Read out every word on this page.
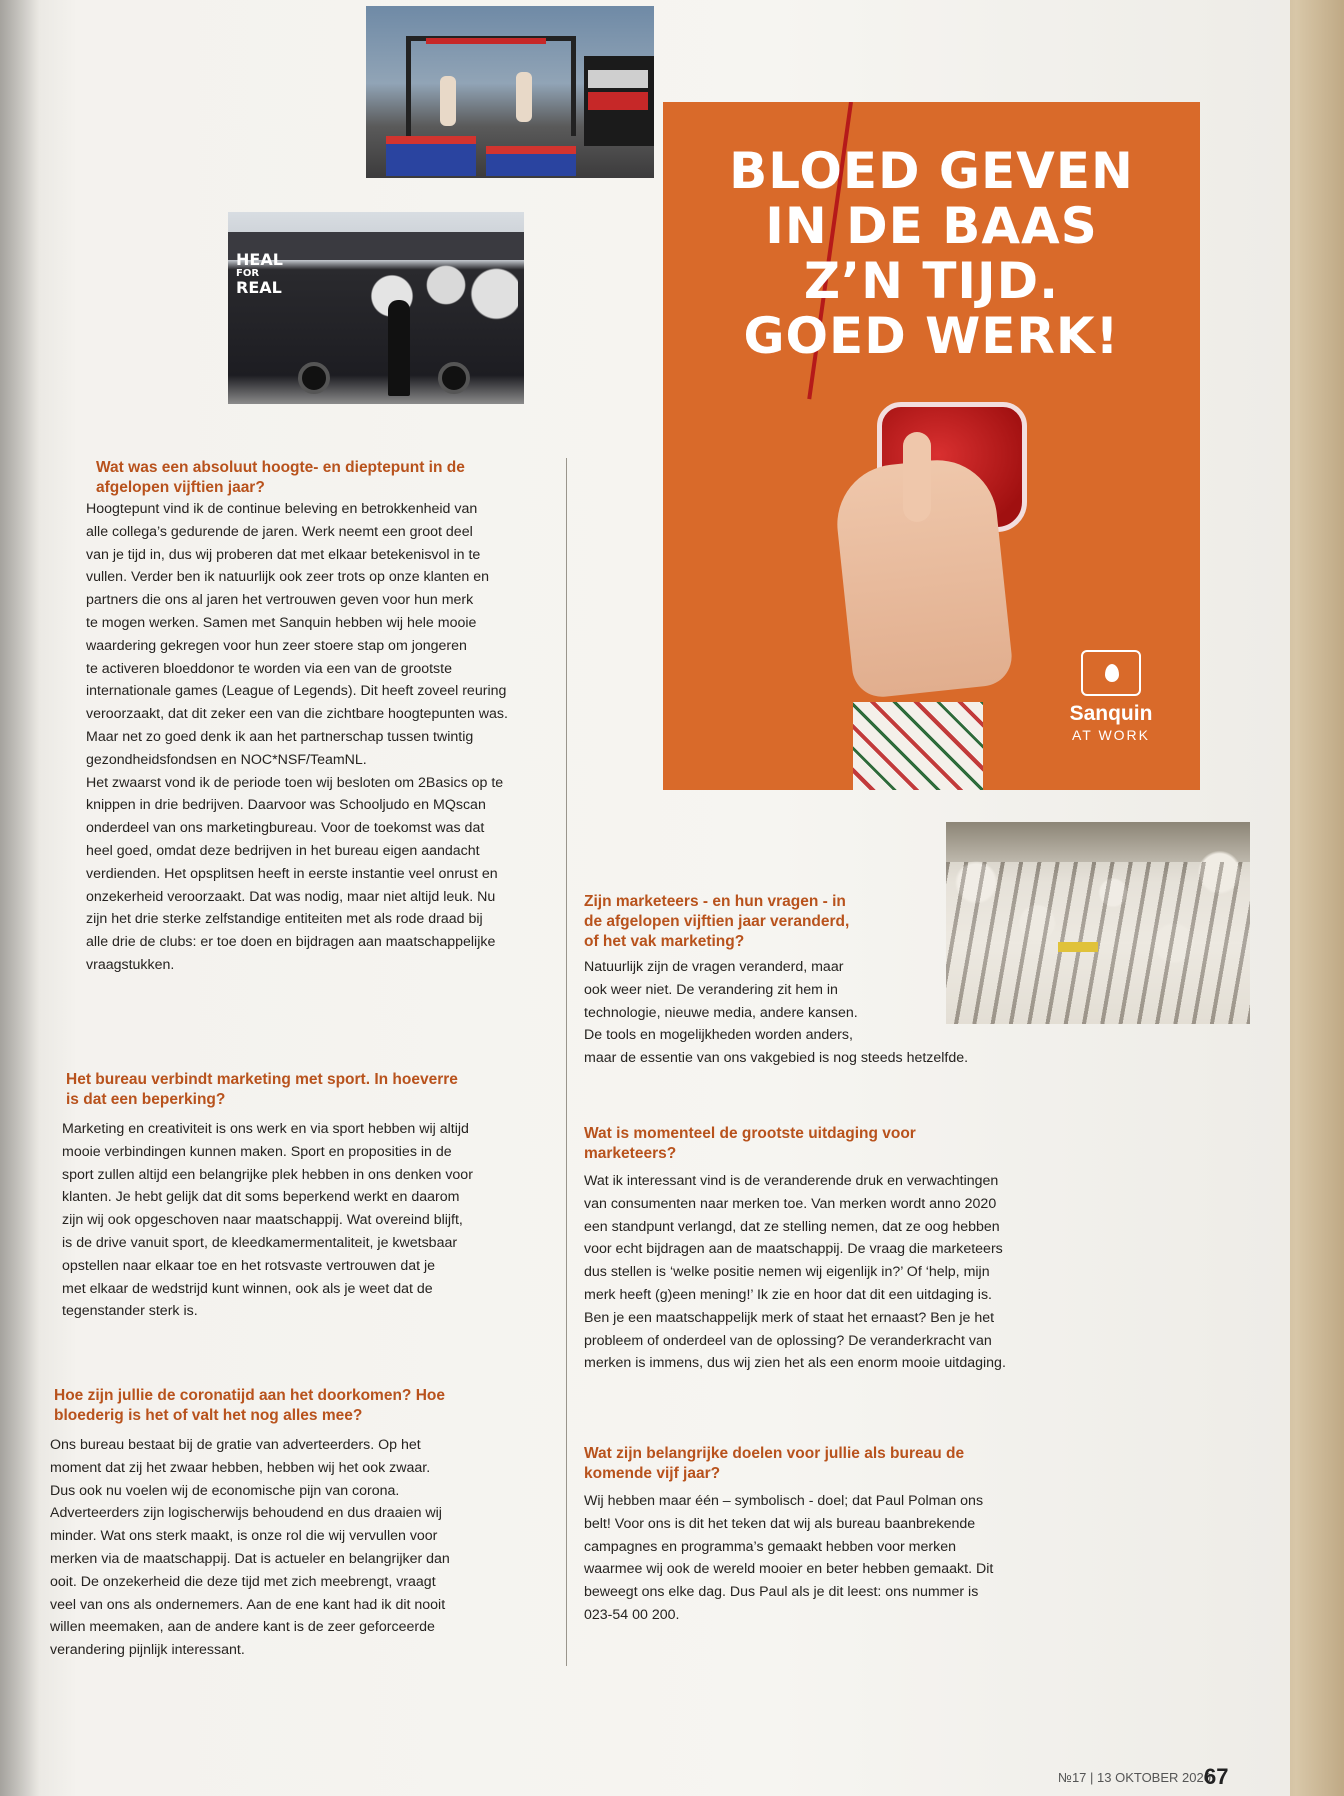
HEAL
FOR
REAL
BLOED GEVEN
IN DE BAAS
Z’N TIJD.
GOED WERK!
Sanquin
AT WORK
Wat was een absoluut hoogte- en dieptepunt in de
afgelopen vijftien jaar?
Hoogtepunt vind ik de continue beleving en betrokkenheid van
alle collega’s gedurende de jaren. Werk neemt een groot deel
van je tijd in, dus wij proberen dat met elkaar betekenisvol in te
vullen. Verder ben ik natuurlijk ook zeer trots op onze klanten en
partners die ons al jaren het vertrouwen geven voor hun merk
te mogen werken. Samen met Sanquin hebben wij hele mooie
waardering gekregen voor hun zeer stoere stap om jongeren
te activeren bloeddonor te worden via een van de grootste
internationale games (League of Legends). Dit heeft zoveel reuring
veroorzaakt, dat dit zeker een van die zichtbare hoogtepunten was.
Maar net zo goed denk ik aan het partnerschap tussen twintig
gezondheidsfondsen en NOC*NSF/TeamNL.
Het zwaarst vond ik de periode toen wij besloten om 2Basics op te
knippen in drie bedrijven. Daarvoor was Schooljudo en MQscan
onderdeel van ons marketingbureau. Voor de toekomst was dat
heel goed, omdat deze bedrijven in het bureau eigen aandacht
verdienden. Het opsplitsen heeft in eerste instantie veel onrust en
onzekerheid veroorzaakt. Dat was nodig, maar niet altijd leuk. Nu
zijn het drie sterke zelfstandige entiteiten met als rode draad bij
alle drie de clubs: er toe doen en bijdragen aan maatschappelijke
vraagstukken.
Het bureau verbindt marketing met sport. In hoeverre
is dat een beperking?
Marketing en creativiteit is ons werk en via sport hebben wij altijd
mooie verbindingen kunnen maken. Sport en proposities in de
sport zullen altijd een belangrijke plek hebben in ons denken voor
klanten. Je hebt gelijk dat dit soms beperkend werkt en daarom
zijn wij ook opgeschoven naar maatschappij. Wat overeind blijft,
is de drive vanuit sport, de kleedkamermentaliteit, je kwetsbaar
opstellen naar elkaar toe en het rotsvaste vertrouwen dat je
met elkaar de wedstrijd kunt winnen, ook als je weet dat de
tegenstander sterk is.
Hoe zijn jullie de coronatijd aan het doorkomen? Hoe
bloederig is het of valt het nog alles mee?
Ons bureau bestaat bij de gratie van adverteerders. Op het
moment dat zij het zwaar hebben, hebben wij het ook zwaar.
Dus ook nu voelen wij de economische pijn van corona.
Adverteerders zijn logischerwijs behoudend en dus draaien wij
minder. Wat ons sterk maakt, is onze rol die wij vervullen voor
merken via de maatschappij. Dat is actueler en belangrijker dan
ooit. De onzekerheid die deze tijd met zich meebrengt, vraagt
veel van ons als ondernemers. Aan de ene kant had ik dit nooit
willen meemaken, aan de andere kant is de zeer geforceerde
verandering pijnlijk interessant.
Zijn marketeers - en hun vragen - in
de afgelopen vijftien jaar veranderd,
of het vak marketing?
Natuurlijk zijn de vragen veranderd, maar
ook weer niet. De verandering zit hem in
technologie, nieuwe media, andere kansen.
De tools en mogelijkheden worden anders,
maar de essentie van ons vakgebied is nog steeds hetzelfde.
Wat is momenteel de grootste uitdaging voor
marketeers?
Wat ik interessant vind is de veranderende druk en verwachtingen
van consumenten naar merken toe. Van merken wordt anno 2020
een standpunt verlangd, dat ze stelling nemen, dat ze oog hebben
voor echt bijdragen aan de maatschappij. De vraag die marketeers
dus stellen is ‘welke positie nemen wij eigenlijk in?’ Of ‘help, mijn
merk heeft (g)een mening!’ Ik zie en hoor dat dit een uitdaging is.
Ben je een maatschappelijk merk of staat het ernaast? Ben je het
probleem of onderdeel van de oplossing? De veranderkracht van
merken is immens, dus wij zien het als een enorm mooie uitdaging.
Wat zijn belangrijke doelen voor jullie als bureau de
komende vijf jaar?
Wij hebben maar één – symbolisch - doel; dat Paul Polman ons
belt! Voor ons is dit het teken dat wij als bureau baanbrekende
campagnes en programma’s gemaakt hebben voor merken
waarmee wij ook de wereld mooier en beter hebben gemaakt. Dit
beweegt ons elke dag. Dus Paul als je dit leest: ons nummer is
023-54 00 200.
№17 | 13 OKTOBER 2020
67
